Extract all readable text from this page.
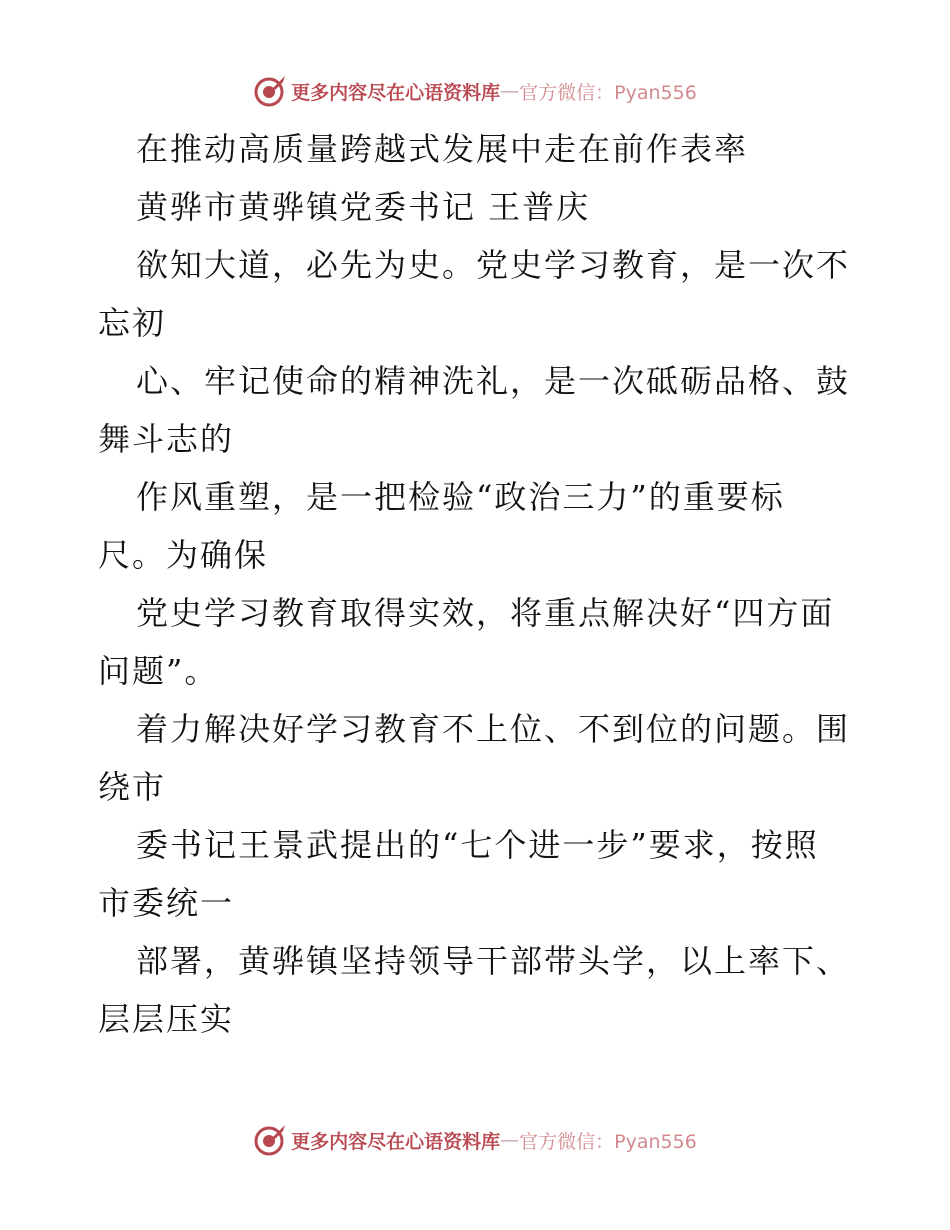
更多内容尽在心语资料库 — 官方微信：Pyan556
在推动高质量跨越式发展中走在前作表率
黄骅市黄骅镇党委书记 王普庆
欲知大道，必先为史。党史学习教育，是一次不
忘初
心、牢记使命的精神洗礼，是一次砥砺品格、鼓
舞斗志的
作风重塑，是一把检验“政治三力”的重要标
尺。为确保
党史学习教育取得实效，将重点解决好“四方面
问题”。
着力解决好学习教育不上位、不到位的问题。围
绕市
委书记王景武提出的“七个进一步”要求，按照
市委统一
部署，黄骅镇坚持领导干部带头学，以上率下、
层层压实
更多内容尽在心语资料库 — 官方微信：Pyan556
